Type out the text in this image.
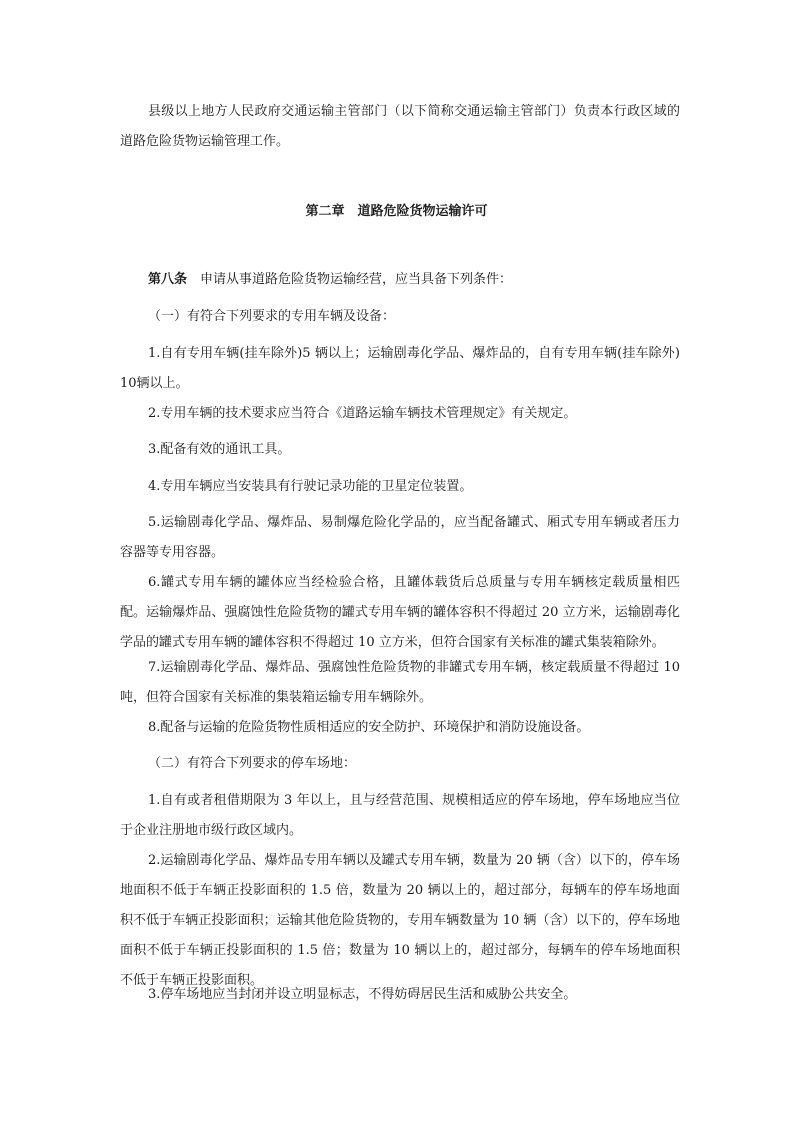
县级以上地方人民政府交通运输主管部门（以下简称交通运输主管部门）负责本行政区域的道路危险货物运输管理工作。

第二章　道路危险货物运输许可

第八条　申请从事道路危险货物运输经营，应当具备下列条件：

（一）有符合下列要求的专用车辆及设备：

1.自有专用车辆(挂车除外)5 辆以上；运输剧毒化学品、爆炸品的，自有专用车辆(挂车除外)10辆以上。

2.专用车辆的技术要求应当符合《道路运输车辆技术管理规定》有关规定。

3.配备有效的通讯工具。

4.专用车辆应当安装具有行驶记录功能的卫星定位装置。

5.运输剧毒化学品、爆炸品、易制爆危险化学品的，应当配备罐式、厢式专用车辆或者压力容器等专用容器。

6.罐式专用车辆的罐体应当经检验合格，且罐体载货后总质量与专用车辆核定载质量相匹配。运输爆炸品、强腐蚀性危险货物的罐式专用车辆的罐体容积不得超过 20 立方米，运输剧毒化学品的罐式专用车辆的罐体容积不得超过 10 立方米，但符合国家有关标准的罐式集装箱除外。

7.运输剧毒化学品、爆炸品、强腐蚀性危险货物的非罐式专用车辆，核定载质量不得超过 10 吨，但符合国家有关标准的集装箱运输专用车辆除外。

8.配备与运输的危险货物性质相适应的安全防护、环境保护和消防设施设备。

（二）有符合下列要求的停车场地：

1.自有或者租借期限为 3 年以上，且与经营范围、规模相适应的停车场地，停车场地应当位于企业注册地市级行政区域内。

2.运输剧毒化学品、爆炸品专用车辆以及罐式专用车辆，数量为 20 辆（含）以下的，停车场地面积不低于车辆正投影面积的 1.5 倍，数量为 20 辆以上的，超过部分，每辆车的停车场地面积不低于车辆正投影面积；运输其他危险货物的，专用车辆数量为 10 辆（含）以下的，停车场地面积不低于车辆正投影面积的 1.5 倍；数量为 10 辆以上的，超过部分，每辆车的停车场地面积不低于车辆正投影面积。

3.停车场地应当封闭并设立明显标志，不得妨碍居民生活和威胁公共安全。
